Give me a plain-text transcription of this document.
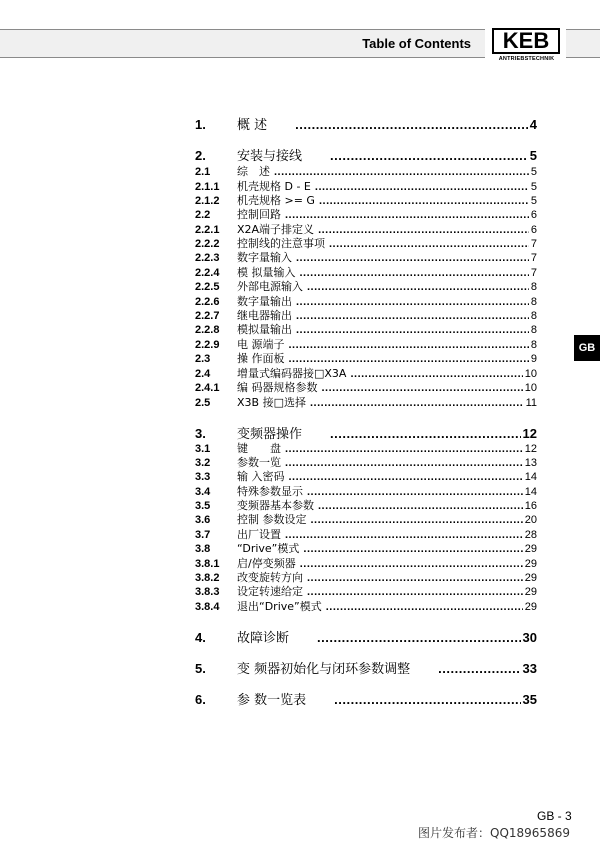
Table of Contents	KEB
ANTRIEBSTECHNIK
GB
1.	概 述 .....	4
2.	安装与接线 .....	5
2.1	综　述 .....	5
2.1.1	机壳规格 D - E .....	5
2.1.2	机壳规格 >= G .....	5
2.2	控制回路 .....	6
2.2.1	X2A端子排定义 .....	6
2.2.2	控制线的注意事项 .....	7
2.2.3	数字量输入 .....	7
2.2.4	模 拟量输入 .....	7
2.2.5	外部电源输入 .....	8
2.2.6	数字量输出 .....	8
2.2.7	继电器输出 .....	8
2.2.8	模拟量输出 .....	8
2.2.9	电 源端子 .....	8
2.3	操 作面板 .....	9
2.4	增量式编码器接□X3A .....	10
2.4.1	编 码器规格参数 .....	10
2.5	X3B 接□选择 .....	11
3.	变频器操作 .....	12
3.1	键　　盘 .....	12
3.2	参数一览 .....	13
3.3	输 入密码 .....	14
3.4	特殊参数显示 .....	14
3.5	变频器基本参数 .....	16
3.6	控制 参数设定 .....	20
3.7	出厂设置 .....	28
3.8	“Drive”模式 .....	29
3.8.1	启/停变频器 .....	29
3.8.2	改变旋转方向 .....	29
3.8.3	设定转速给定 .....	29
3.8.4	退出“Drive”模式 .....	29
4.	故障诊断 .....	30
5.	变 频器初始化与闭环参数调整 .....	33
6.	参 数一览表 .....	35
GB - 3
图片发布者：QQ18965869
